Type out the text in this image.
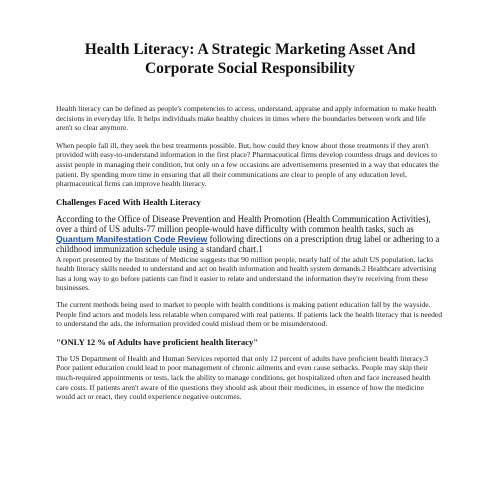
Health Literacy: A Strategic Marketing Asset And Corporate Social Responsibility

Health literacy can be defined as people's competencies to access, understand, appraise and apply information to make health decisions in everyday life. It helps individuals make healthy choices in times where the boundaries between work and life aren't so clear anymore.

When people fall ill, they seek the best treatments possible. But, how could they know about those treatments if they aren't provided with easy-to-understand information in the first place? Pharmaceutical firms develop countless drugs and devices to assist people in managing their condition, but only on a few occasions are advertisements presented in a way that educates the patient. By spending more time in ensuring that all their communications are clear to people of any education level, pharmaceutical firms can improve health literacy.

Challenges Faced With Health Literacy

According to the Office of Disease Prevention and Health Promotion (Health Communication Activities), over a third of US adults-77 million people-would have difficulty with common health tasks, such as Quantum Manifestation Code Review following directions on a prescription drug label or adhering to a childhood immunization schedule using a standard chart.1

A report presented by the Institute of Medicine suggests that 90 million people, nearly half of the adult US population, lacks health literacy skills needed to understand and act on health information and health system demands.2 Healthcare advertising has a long way to go before patients can find it easier to relate and understand the information they're receiving from these businesses.

The current methods being used to market to people with health conditions is making patient education fall by the wayside. People find actors and models less relatable when compared with real patients. If patients lack the health literacy that is needed to understand the ads, the information provided could mislead them or be misunderstood.

"ONLY 12 % of Adults have proficient health literacy"

The US Department of Health and Human Services reported that only 12 percent of adults have proficient health literacy.3 Poor patient education could lead to poor management of chronic ailments and even cause setbacks. People may skip their much-required appointments or tests, lack the ability to manage conditions, get hospitalized often and face increased health care costs. If patients aren't aware of the questions they should ask about their medicines, in essence of how the medicine would act or react, they could experience negative outcomes.
